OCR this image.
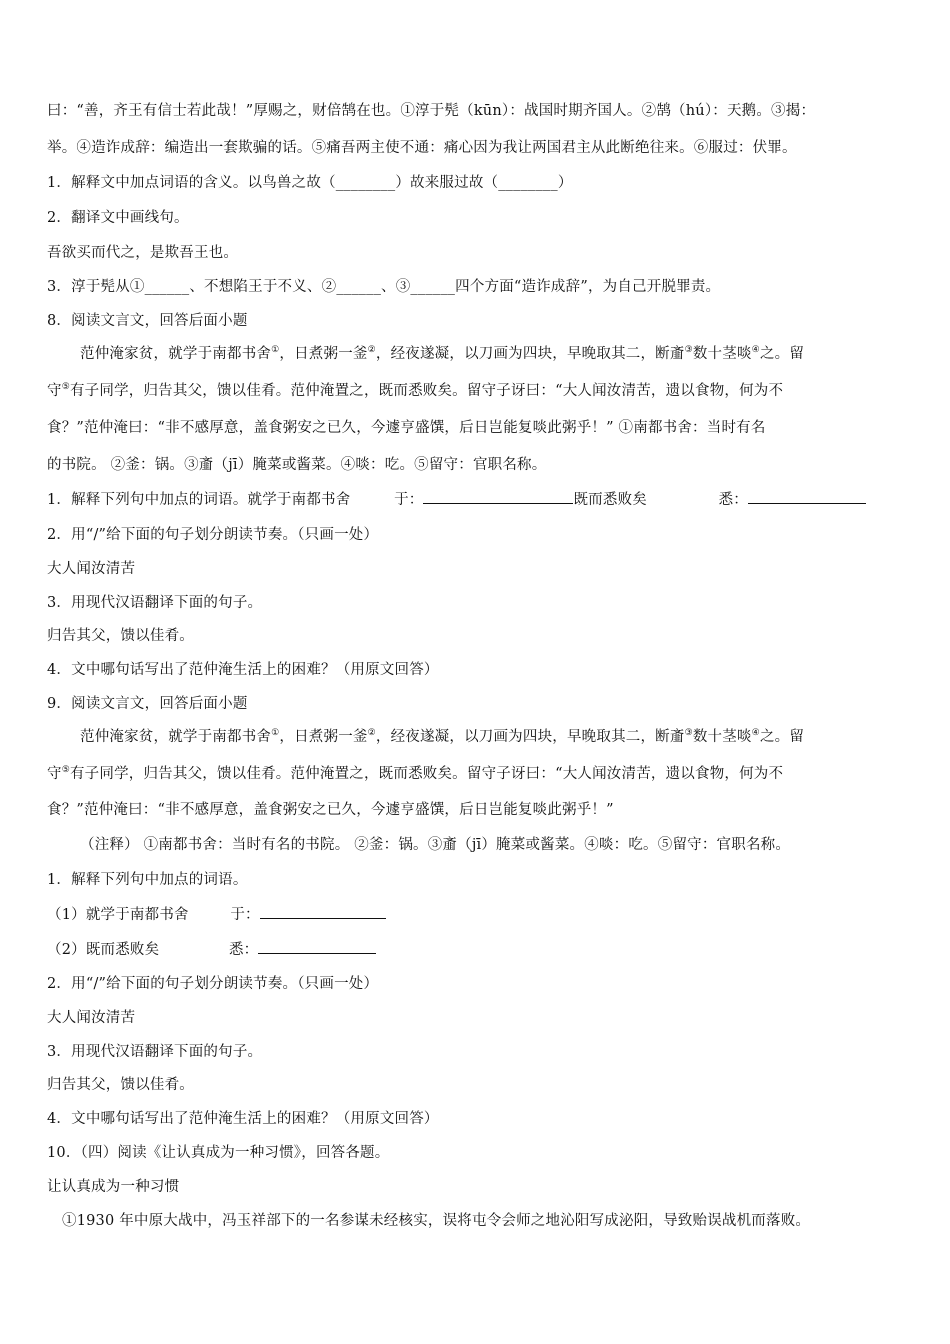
曰：“善，齐王有信士若此哉！”厚赐之，财倍鹄在也。①淳于髡（kūn）：战国时期齐国人。②鹄（hú）：天鹅。③揭：
举。④造诈成辞：编造出一套欺骗的话。⑤痛吾两主使不通：痛心因为我让两国君主从此断绝往来。⑥服过：伏罪。
1．解释文中加点词语的含义。以鸟兽之故（________）故来服过故（________）
2．翻译文中画线句。
吾欲买而代之，是欺吾王也。
3．淳于髡从①______、不想陷王于不义、②______、③______四个方面“造诈成辞”，为自己开脱罪责。
8．阅读文言文，回答后面小题
范仲淹家贫，就学于南都书舍①，日煮粥一釜②，经夜遂凝，以刀画为四块，早晚取其二，断齑③数十茎啖④之。留
守⑤有子同学，归告其父，馈以佳肴。范仲淹置之，既而悉败矣。留守子讶曰：“大人闻汝清苦，遗以食物，何为不
食？”范仲淹曰：“非不感厚意，盖食粥安之已久，今遽亨盛馔，后日岂能复啖此粥乎！” ①南都书舍：当时有名
的书院。 ②釜：锅。③齑（jī）腌菜或酱菜。④啖：吃。⑤留守：官职名称。
1．解释下列句中加点的词语。就学于南都书舍	于：	既而悉败矣	悉：
2．用“/”给下面的句子划分朗读节奏。（只画一处）
大人闻汝清苦
3．用现代汉语翻译下面的句子。
归告其父，馈以佳肴。
4．文中哪句话写出了范仲淹生活上的困难？（用原文回答）
9．阅读文言文，回答后面小题
范仲淹家贫，就学于南都书舍①，日煮粥一釜②，经夜遂凝，以刀画为四块，早晚取其二，断齑③数十茎啖④之。留
守⑤有子同学，归告其父，馈以佳肴。范仲淹置之，既而悉败矣。留守子讶曰：“大人闻汝清苦，遗以食物，何为不
食？”范仲淹曰：“非不感厚意，盖食粥安之已久，今遽亨盛馔，后日岂能复啖此粥乎！”
（注释） ①南都书舍：当时有名的书院。 ②釜：锅。③齑（jī）腌菜或酱菜。④啖：吃。⑤留守：官职名称。
1．解释下列句中加点的词语。
（1）就学于南都书舍	于：
（2）既而悉败矣	悉：
2．用“/”给下面的句子划分朗读节奏。（只画一处）
大人闻汝清苦
3．用现代汉语翻译下面的句子。
归告其父，馈以佳肴。
4．文中哪句话写出了范仲淹生活上的困难？（用原文回答）
10．（四）阅读《让认真成为一种习惯》，回答各题。
让认真成为一种习惯
①1930 年中原大战中，冯玉祥部下的一名参谋未经核实，误将屯令会师之地沁阳写成泌阳，导致贻误战机而落败。
